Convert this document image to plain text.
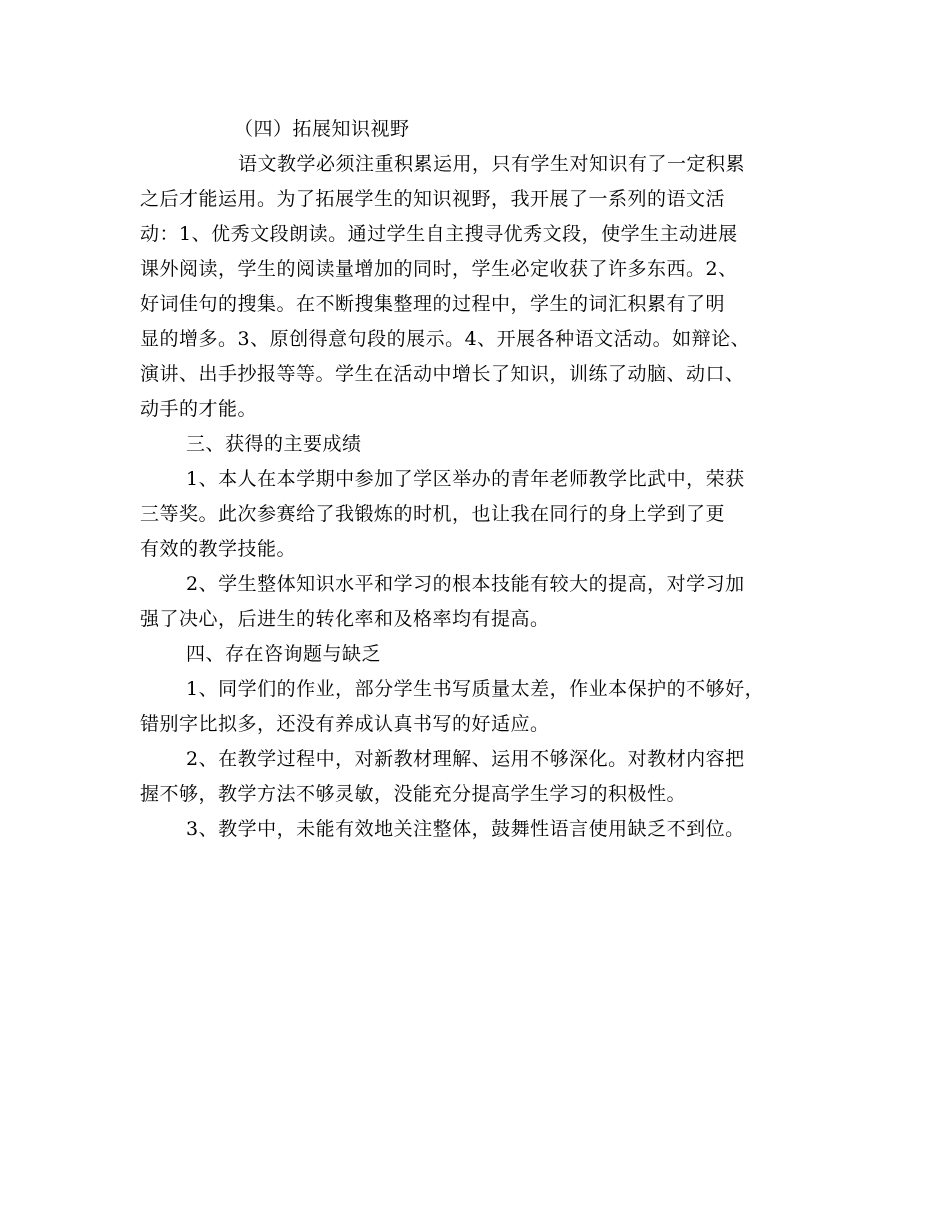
（四）拓展知识视野
语文教学必须注重积累运用，只有学生对知识有了一定积累
之后才能运用。为了拓展学生的知识视野，我开展了一系列的语文活
动：1、优秀文段朗读。通过学生自主搜寻优秀文段，使学生主动进展
课外阅读，学生的阅读量增加的同时，学生必定收获了许多东西。2、
好词佳句的搜集。在不断搜集整理的过程中，学生的词汇积累有了明
显的增多。3、原创得意句段的展示。4、开展各种语文活动。如辩论、
演讲、出手抄报等等。学生在活动中增长了知识，训练了动脑、动口、
动手的才能。
三、获得的主要成绩
1、本人在本学期中参加了学区举办的青年老师教学比武中，荣获
三等奖。此次参赛给了我锻炼的时机，也让我在同行的身上学到了更
有效的教学技能。
2、学生整体知识水平和学习的根本技能有较大的提高，对学习加
强了决心，后进生的转化率和及格率均有提高。
四、存在咨询题与缺乏
1、同学们的作业，部分学生书写质量太差，作业本保护的不够好，
错别字比拟多，还没有养成认真书写的好适应。
2、在教学过程中，对新教材理解、运用不够深化。对教材内容把
握不够，教学方法不够灵敏，没能充分提高学生学习的积极性。
3、教学中，未能有效地关注整体，鼓舞性语言使用缺乏不到位。
